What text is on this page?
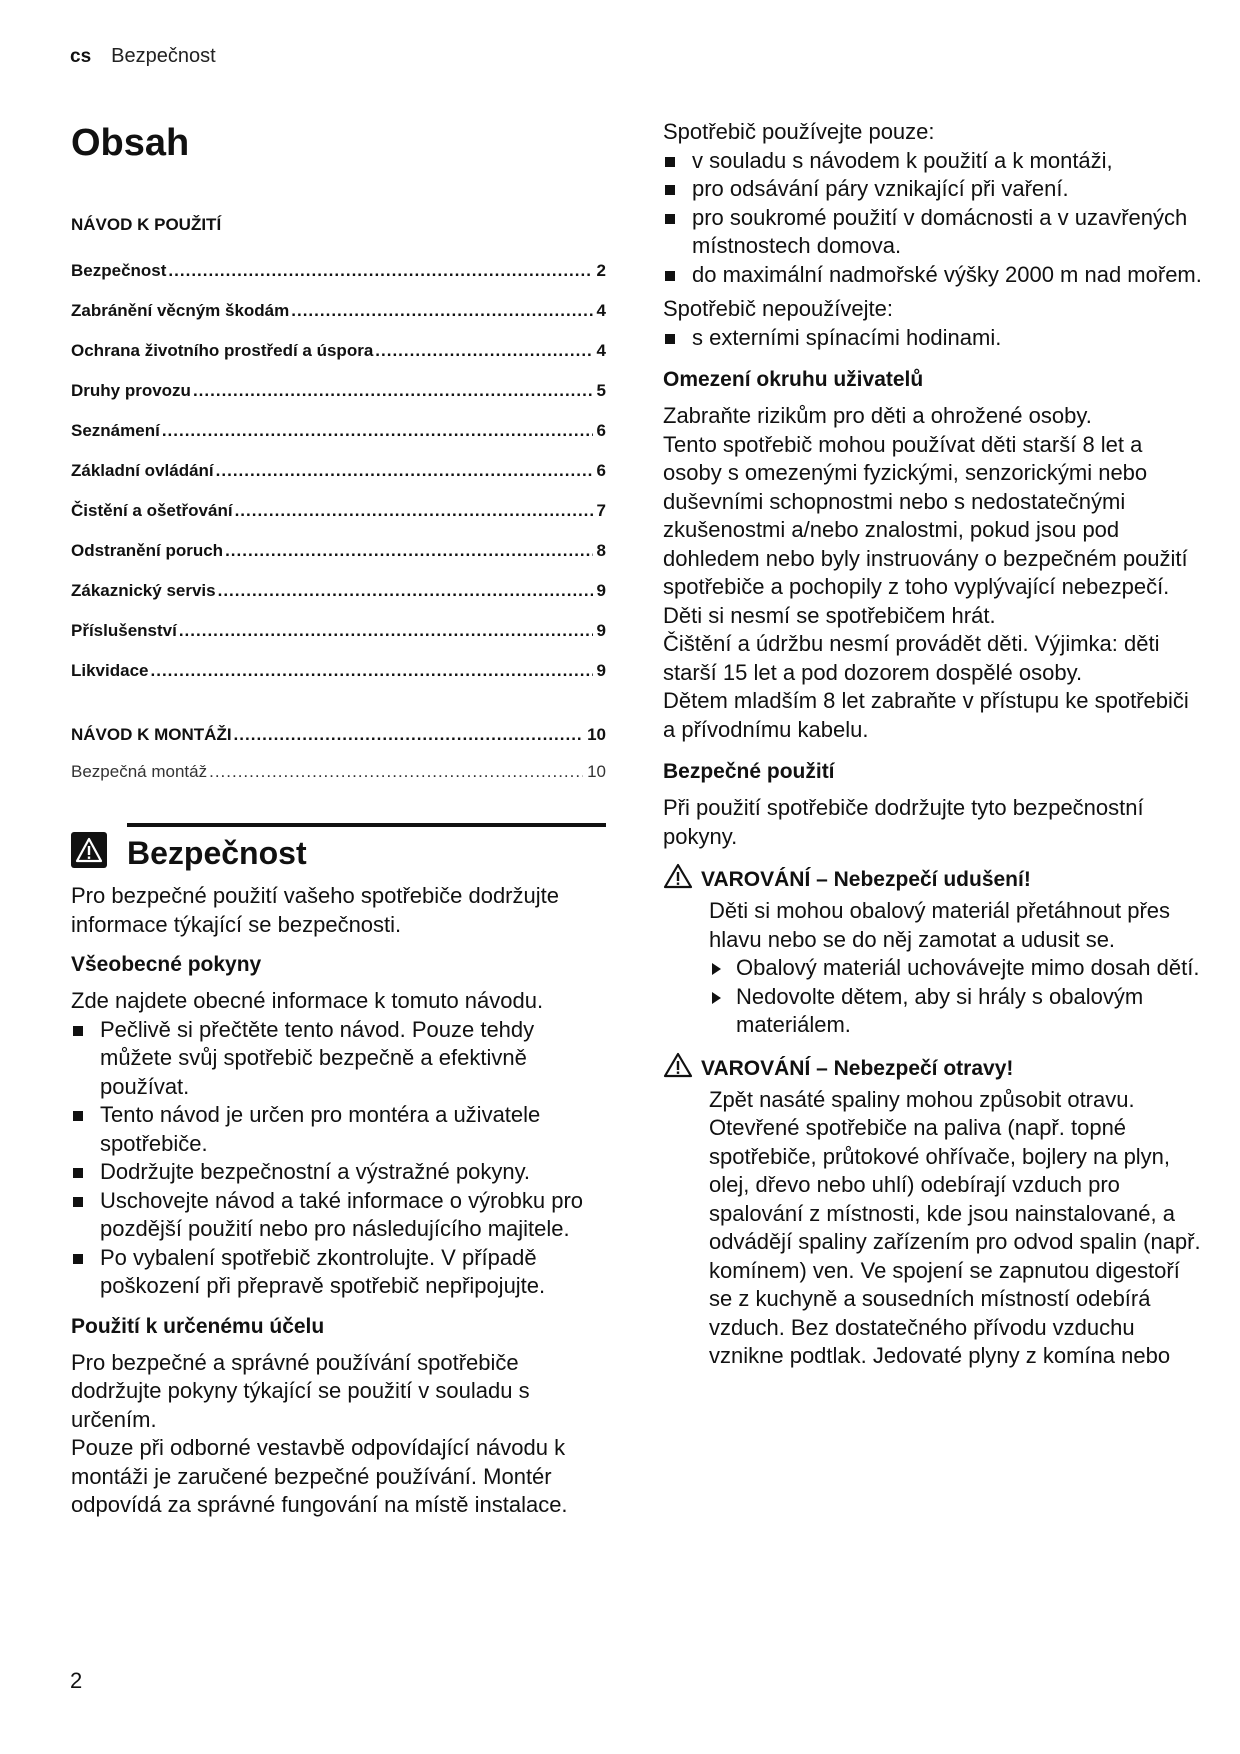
cs Bezpečnost
Obsah
NÁVOD K POUŽITÍ
Bezpečnost .....	2
Zabránění věcným škodám .....	4
Ochrana životního prostředí a úspora .....	4
Druhy provozu .....	5
Seznámení .....	6
Základní ovládání .....	6
Čistění a ošetřování .....	7
Odstranění poruch .....	8
Zákaznický servis .....	9
Příslušenství .....	9
Likvidace .....	9
NÁVOD K MONTÁŽI .....	10
Bezpečná montáž .....	10
Bezpečnost

Pro bezpečné použití vašeho spotřebiče dodržujte informace týkající se bezpečnosti.

Všeobecné pokyny

Zde najdete obecné informace k tomuto návodu.

Pečlivě si přečtěte tento návod. Pouze tehdy můžete svůj spotřebič bezpečně a efektivně používat.
Tento návod je určen pro montéra a uživatele spotřebiče.
Dodržujte bezpečnostní a výstražné pokyny.
Uschovejte návod a také informace o výrobku pro pozdější použití nebo pro následujícího majitele.
Po vybalení spotřebič zkontrolujte. V případě poškození při přepravě spotřebič nepřipojujte.
Použití k určenému účelu

Pro bezpečné a správné používání spotřebiče dodržujte pokyny týkající se použití v souladu s určením.

Pouze při odborné vestavbě odpovídající návodu k montáži je zaručené bezpečné používání. Montér odpovídá za správné fungování na místě instalace.

Spotřebič používejte pouze:

v souladu s návodem k použití a k montáži,
pro odsávání páry vznikající při vaření.
pro soukromé použití v domácnosti a v uzavřených místnostech domova.
do maximální nadmořské výšky 2000 m nad mořem.

Spotřebič nepoužívejte:

s externími spínacími hodinami.
Omezení okruhu uživatelů

Zabraňte rizikům pro děti a ohrožené osoby.

Tento spotřebič mohou používat děti starší 8 let a osoby s omezenými fyzickými, senzorickými nebo duševními schopnostmi nebo s nedostatečnými zkušenostmi a/nebo znalostmi, pokud jsou pod dohledem nebo byly instruovány o bezpečném použití spotřebiče a pochopily z toho vyplývající nebezpečí.

Děti si nesmí se spotřebičem hrát.

Čištění a údržbu nesmí provádět děti. Výjimka: děti starší 15 let a pod dozorem dospělé osoby.

Dětem mladším 8 let zabraňte v přístupu ke spotřebiči a přívodnímu kabelu.

Bezpečné použití

Při použití spotřebiče dodržujte tyto bezpečnostní pokyny.

VAROVÁNÍ – Nebezpečí udušení!

Děti si mohou obalový materiál přetáhnout přes hlavu nebo se do něj zamotat a udusit se.

Obalový materiál uchovávejte mimo dosah dětí.
Nedovolte dětem, aby si hrály s obalovým materiálem.
VAROVÁNÍ – Nebezpečí otravy!

Zpět nasáté spaliny mohou způsobit otravu. Otevřené spotřebiče na paliva (např. topné spotřebiče, průtokové ohřívače, bojlery na plyn, olej, dřevo nebo uhlí) odebírají vzduch pro spalování z místnosti, kde jsou nainstalované, a odvádějí spaliny zařízením pro odvod spalin (např. komínem) ven. Ve spojení se zapnutou digestoří se z kuchyně a sousedních místností odebírá vzduch. Bez dostatečného přívodu vzduchu vznikne podtlak. Jedovaté plyny z komína nebo

2
